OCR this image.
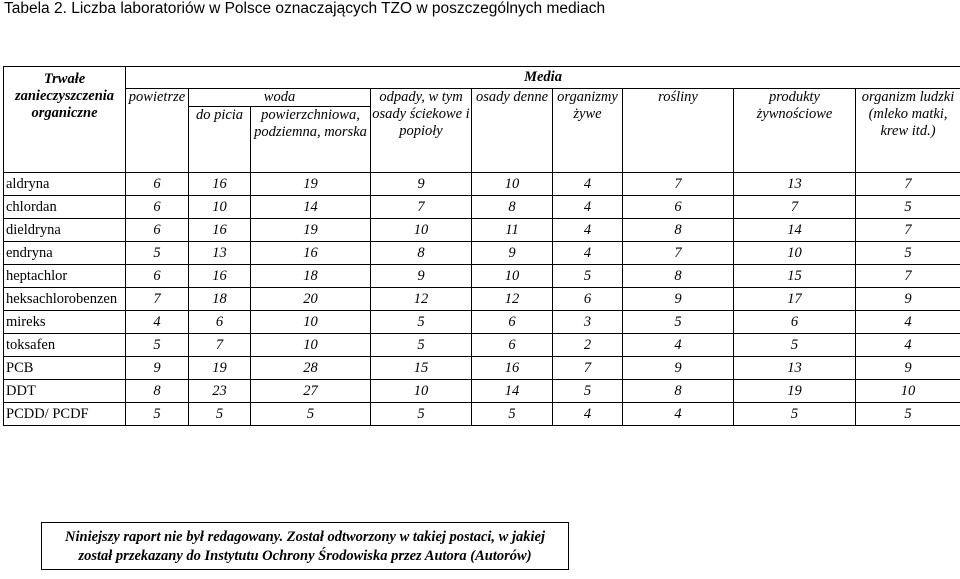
Tabela 2. Liczba laboratoriów w Polsce oznaczających TZO w poszczególnych mediach
Trwałe zanieczyszczenia organiczne	Media								
	powietrze	woda		odpady, w tym osady ściekowe i popioły	osady denne	organizmy żywe	rośliny	produkty żywnościowe	organizm ludzki (mleko matki, krew itd.)
		do picia	powierzchniowa, podziemna, morska						
aldryna	6	16	19	9	10	4	7	13	7
chlordan	6	10	14	7	8	4	6	7	5
dieldryna	6	16	19	10	11	4	8	14	7
endryna	5	13	16	8	9	4	7	10	5
heptachlor	6	16	18	9	10	5	8	15	7
heksachlorobenzen	7	18	20	12	12	6	9	17	9
mireks	4	6	10	5	6	3	5	6	4
toksafen	5	7	10	5	6	2	4	5	4
PCB	9	19	28	15	16	7	9	13	9
DDT	8	23	27	10	14	5	8	19	10
PCDD/ PCDF	5	5	5	5	5	4	4	5	5
Niniejszy raport nie był redagowany. Został odtworzony w takiej postaci, w jakiej
został przekazany do Instytutu Ochrony Środowiska przez Autora (Autorów)
